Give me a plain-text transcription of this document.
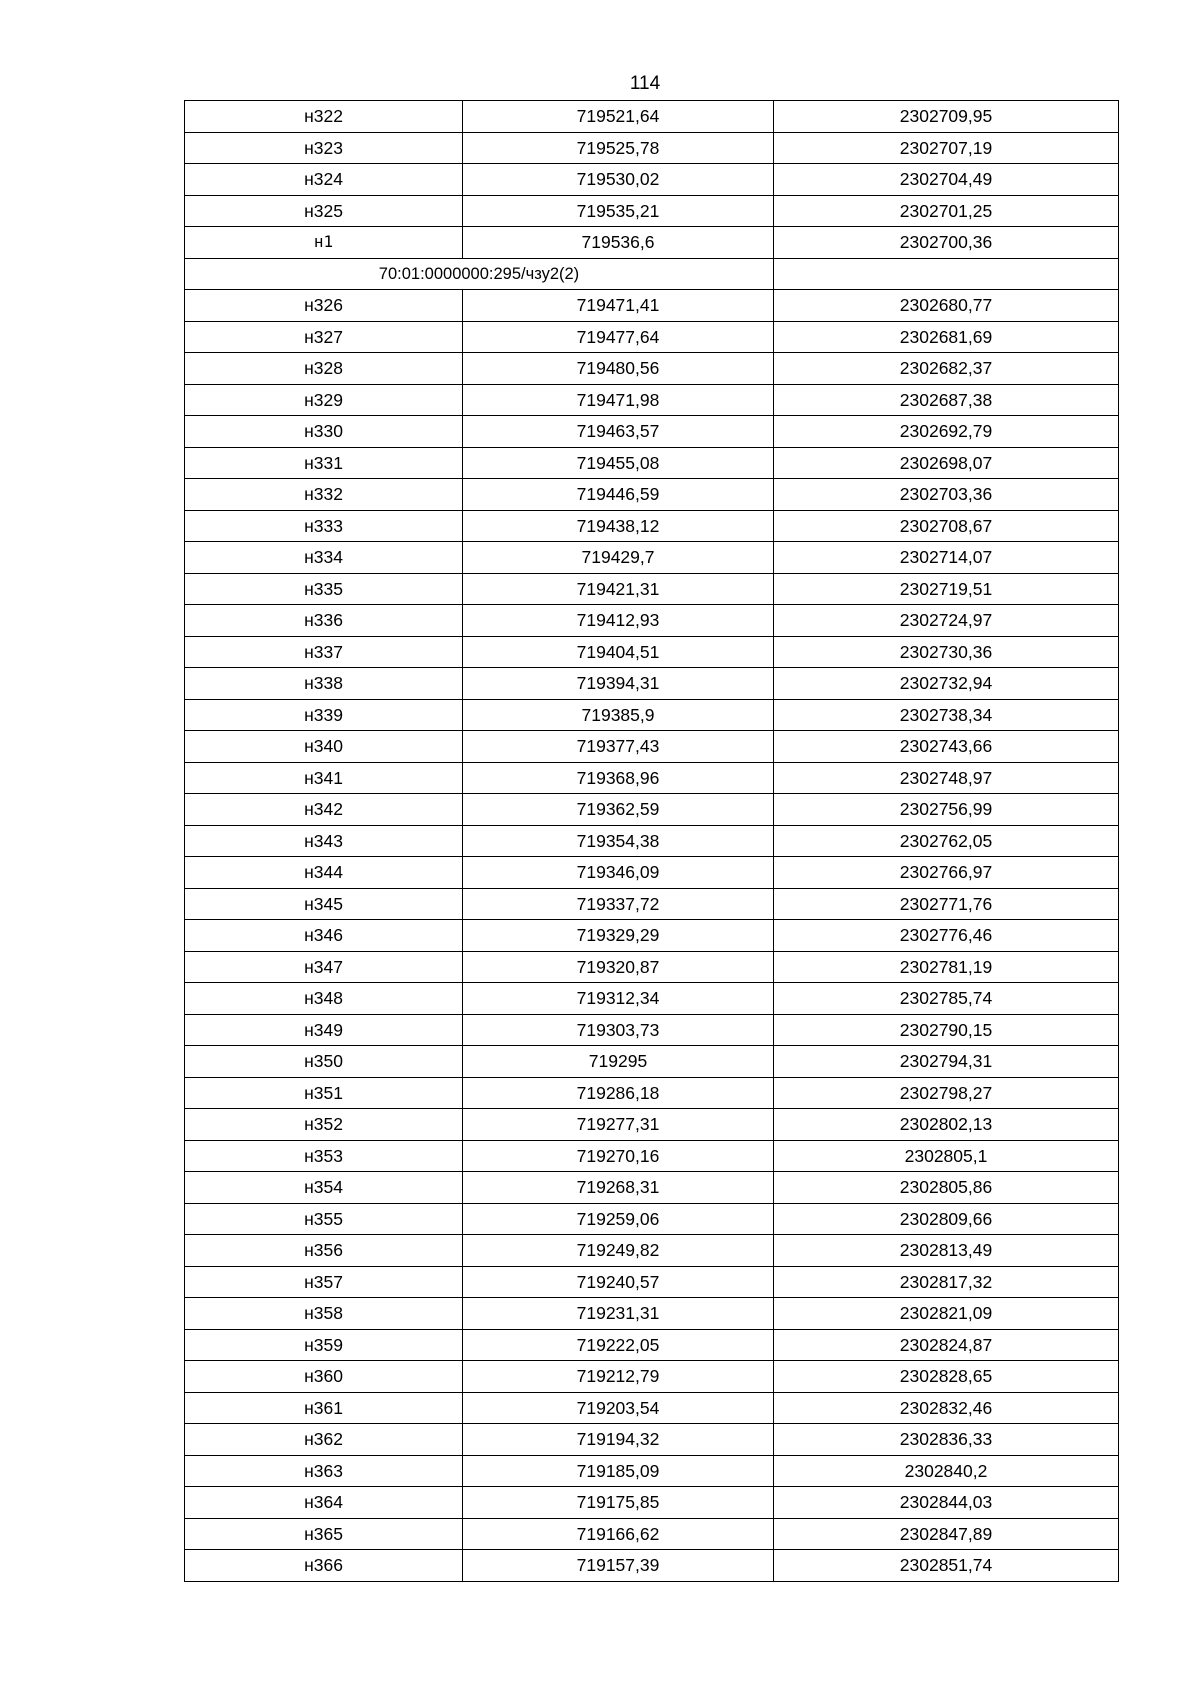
114
н322	719521,64	2302709,95
н323	719525,78	2302707,19
н324	719530,02	2302704,49
н325	719535,21	2302701,25
н1	719536,6	2302700,36
70:01:0000000:295/чзу2(2)		
н326	719471,41	2302680,77
н327	719477,64	2302681,69
н328	719480,56	2302682,37
н329	719471,98	2302687,38
н330	719463,57	2302692,79
н331	719455,08	2302698,07
н332	719446,59	2302703,36
н333	719438,12	2302708,67
н334	719429,7	2302714,07
н335	719421,31	2302719,51
н336	719412,93	2302724,97
н337	719404,51	2302730,36
н338	719394,31	2302732,94
н339	719385,9	2302738,34
н340	719377,43	2302743,66
н341	719368,96	2302748,97
н342	719362,59	2302756,99
н343	719354,38	2302762,05
н344	719346,09	2302766,97
н345	719337,72	2302771,76
н346	719329,29	2302776,46
н347	719320,87	2302781,19
н348	719312,34	2302785,74
н349	719303,73	2302790,15
н350	719295	2302794,31
н351	719286,18	2302798,27
н352	719277,31	2302802,13
н353	719270,16	2302805,1
н354	719268,31	2302805,86
н355	719259,06	2302809,66
н356	719249,82	2302813,49
н357	719240,57	2302817,32
н358	719231,31	2302821,09
н359	719222,05	2302824,87
н360	719212,79	2302828,65
н361	719203,54	2302832,46
н362	719194,32	2302836,33
н363	719185,09	2302840,2
н364	719175,85	2302844,03
н365	719166,62	2302847,89
н366	719157,39	2302851,74
